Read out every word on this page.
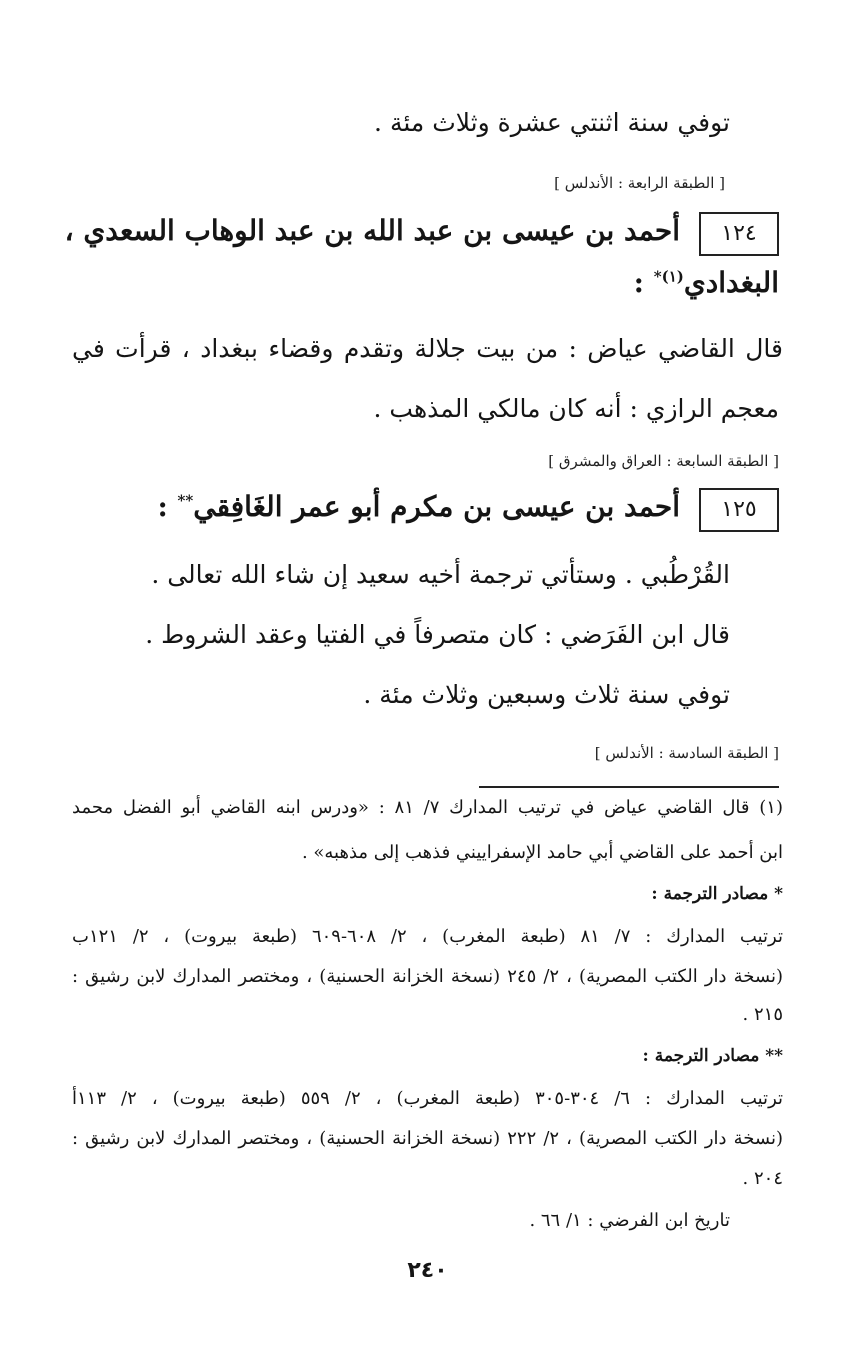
توفي سنة اثنتي عشرة وثلاث مئة .
[ الطبقة الرابعة : الأندلس ]
١٢٤
أحمد بن عيسى بن عبد الله بن عبد الوهاب السعدي ،
البغدادي$^{(١)*}$ :
قال القاضي عياض : من بيت جلالة وتقدم وقضاء ببغداد ، قرأت في
معجم الرازي : أنه كان مالكي المذهب .
[ الطبقة السابعة : العراق والمشرق ]
١٢٥
أحمد بن عيسى بن مكرم أبو عمر الغَافِقي** :
القُرْطُبي . وستأتي ترجمة أخيه سعيد إن شاء الله تعالى .
قال ابن الفَرَضي : كان متصرفاً في الفتيا وعقد الشروط .
توفي سنة ثلاث وسبعين وثلاث مئة .
[ الطبقة السادسة : الأندلس ]
(١) قال القاضي عياض في ترتيب المدارك ٧/ ٨١ : «ودرس ابنه القاضي أبو الفضل محمد
ابن أحمد على القاضي أبي حامد الإسفراييني فذهب إلى مذهبه» .
* مصادر الترجمة :
ترتيب المدارك : ٧/ ٨١ (طبعة المغرب) ، ٢/ ٦٠٨-٦٠٩ (طبعة بيروت) ، ٢/ ١٢١ب
(نسخة دار الكتب المصرية) ، ٢/ ٢٤٥ (نسخة الخزانة الحسنية) ، ومختصر المدارك لابن رشيق :
٢١٥ .
** مصادر الترجمة :
ترتيب المدارك : ٦/ ٣٠٤-٣٠٥ (طبعة المغرب) ، ٢/ ٥٥٩ (طبعة بيروت) ، ٢/ ١١٣أ
(نسخة دار الكتب المصرية) ، ٢/ ٢٢٢ (نسخة الخزانة الحسنية) ، ومختصر المدارك لابن رشيق :
٢٠٤ .
تاريخ ابن الفرضي : ١/ ٦٦ .
٢٤٠
